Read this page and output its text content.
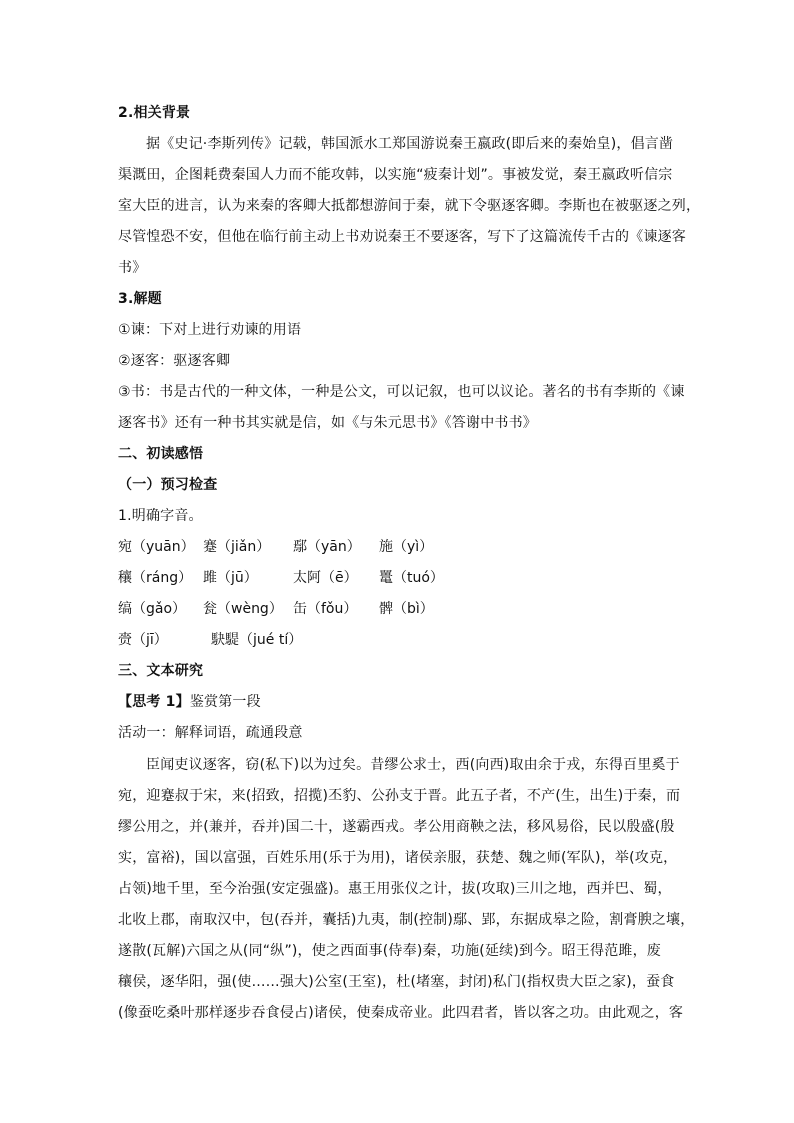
2.相关背景
据《史记·李斯列传》记载，韩国派水工郑国游说秦王嬴政(即后来的秦始皇)，倡言凿
渠溉田，企图耗费秦国人力而不能攻韩，以实施“疲秦计划”。事被发觉，秦王嬴政听信宗
室大臣的进言，认为来秦的客卿大抵都想游间于秦，就下令驱逐客卿。李斯也在被驱逐之列，
尽管惶恐不安，但他在临行前主动上书劝说秦王不要逐客，写下了这篇流传千古的《谏逐客
书》
3.解题
①谏：下对上进行劝谏的用语
②逐客：驱逐客卿
③书：书是古代的一种文体，一种是公文，可以记叙，也可以议论。著名的书有李斯的《谏
逐客书》还有一种书其实就是信，如《与朱元思书》《答谢中书书》
二、初读感悟
（一）预习检查
1.明确字音。
宛（yuān） 蹇（jiǎn） 鄢（yān） 施（yì）
穰（ráng） 雎（jū）	太阿（ē） 鼍（tuó）
缟（gǎo） 瓮（wèng） 缶（fǒu） 髀（bì）
赍（jī）	駃騠（jué tí）
三、文本研究
【思考 1】鉴赏第一段
活动一：解释词语，疏通段意
臣闻吏议逐客，窃(私下)以为过矣。昔缪公求士，西(向西)取由余于戎，东得百里奚于
宛，迎蹇叔于宋，来(招致，招揽)丕豹、公孙支于晋。此五子者，不产(生，出生)于秦，而
缪公用之，并(兼并，吞并)国二十，遂霸西戎。孝公用商鞅之法，移风易俗，民以殷盛(殷
实，富裕)，国以富强，百姓乐用(乐于为用)，诸侯亲服，获楚、魏之师(军队)，举(攻克，
占领)地千里，至今治强(安定强盛)。惠王用张仪之计，拔(攻取)三川之地，西并巴、蜀，
北收上郡，南取汉中，包(吞并，囊括)九夷，制(控制)鄢、郢，东据成皋之险，割膏腴之壤，
遂散(瓦解)六国之从(同“纵”)，使之西面事(侍奉)秦，功施(延续)到今。昭王得范雎，废
穰侯，逐华阳，强(使……强大)公室(王室)，杜(堵塞，封闭)私门(指权贵大臣之家)，蚕食
(像蚕吃桑叶那样逐步吞食侵占)诸侯，使秦成帝业。此四君者，皆以客之功。由此观之，客
